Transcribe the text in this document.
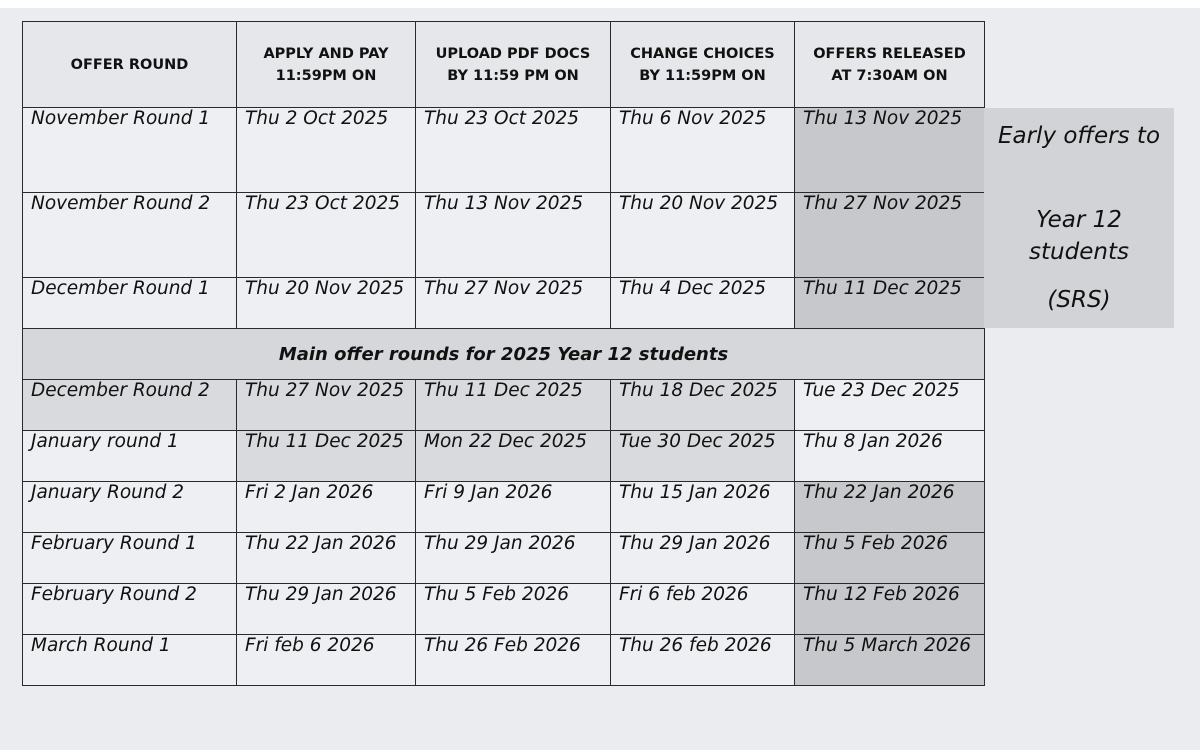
OFFER ROUND	APPLY AND PAY 11:59PM ON	UPLOAD PDF DOCS BY 11:59 PM ON	CHANGE CHOICES BY 11:59PM ON	OFFERS RELEASED AT 7:30AM ON
November Round 1	Thu 2 Oct 2025	Thu 23 Oct 2025	Thu 6 Nov 2025	Thu 13 Nov 2025
November Round 2	Thu 23 Oct 2025	Thu 13 Nov 2025	Thu 20 Nov 2025	Thu 27 Nov 2025
December Round 1	Thu 20 Nov 2025	Thu 27 Nov 2025	Thu 4 Dec 2025	Thu 11 Dec 2025
Main offer rounds for 2025 Year 12 students				
December Round 2	Thu 27 Nov 2025	Thu 11 Dec 2025	Thu 18 Dec 2025	Tue 23 Dec 2025
January round 1	Thu 11 Dec 2025	Mon 22 Dec 2025	Tue 30 Dec 2025	Thu 8 Jan 2026
January Round 2	Fri 2 Jan 2026	Fri 9 Jan 2026	Thu 15 Jan 2026	Thu 22 Jan 2026
February Round 1	Thu 22 Jan 2026	Thu 29 Jan 2026	Thu 29 Jan 2026	Thu 5 Feb 2026
February Round 2	Thu 29 Jan 2026	Thu 5 Feb 2026	Fri 6 feb 2026	Thu 12 Feb 2026
March Round 1	Fri feb 6 2026	Thu 26 Feb 2026	Thu 26 feb 2026	Thu 5 March 2026
Early offers to
Year 12 students
(SRS)
